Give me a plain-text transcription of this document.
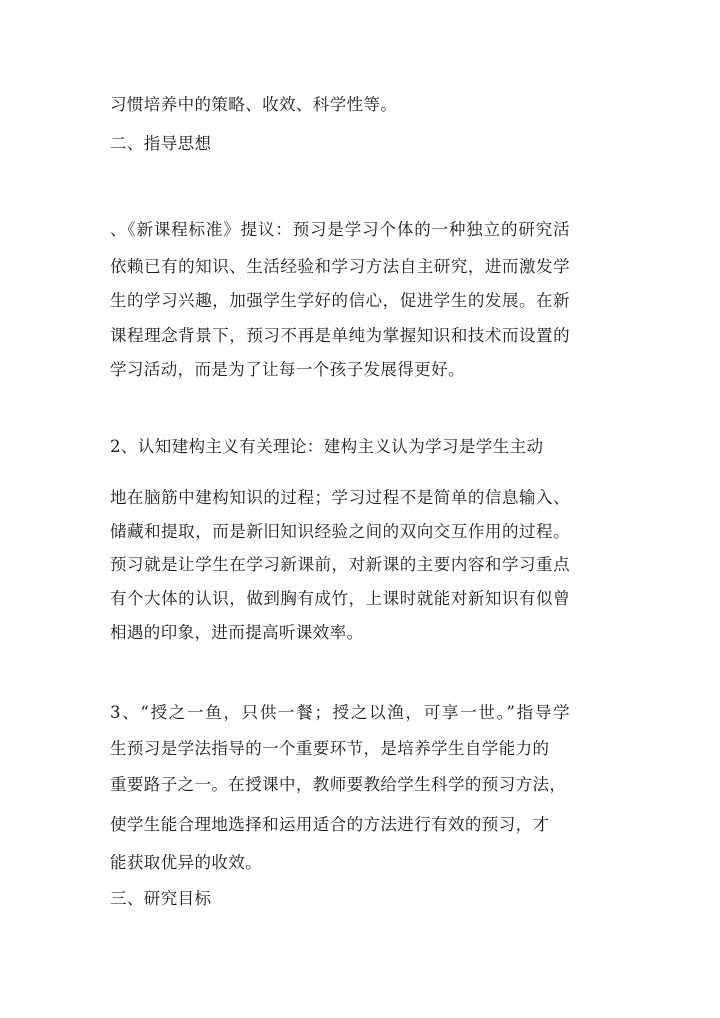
习惯培养中的策略、收效、科学性等。
二、指导思想
、《新课程标准》提议：预习是学习个体的一种独立的研究活
依赖已有的知识、生活经验和学习方法自主研究，进而激发学
生的学习兴趣，加强学生学好的信心，促进学生的发展。在新
课程理念背景下，预习不再是单纯为掌握知识和技术而设置的
学习活动，而是为了让每一个孩子发展得更好。
2、认知建构主义有关理论：建构主义认为学习是学生主动
地在脑筋中建构知识的过程；学习过程不是简单的信息输入、
储藏和提取，而是新旧知识经验之间的双向交互作用的过程。
预习就是让学生在学习新课前，对新课的主要内容和学习重点
有个大体的认识，做到胸有成竹，上课时就能对新知识有似曾
相遇的印象，进而提高听课效率。
3、“授之一鱼，只供一餐；授之以渔，可享一世。”指导学
生预习是学法指导的一个重要环节，是培养学生自学能力的
重要路子之一。在授课中，教师要教给学生科学的预习方法，
使学生能合理地选择和运用适合的方法进行有效的预习，才
能获取优异的收效。
三、研究目标
